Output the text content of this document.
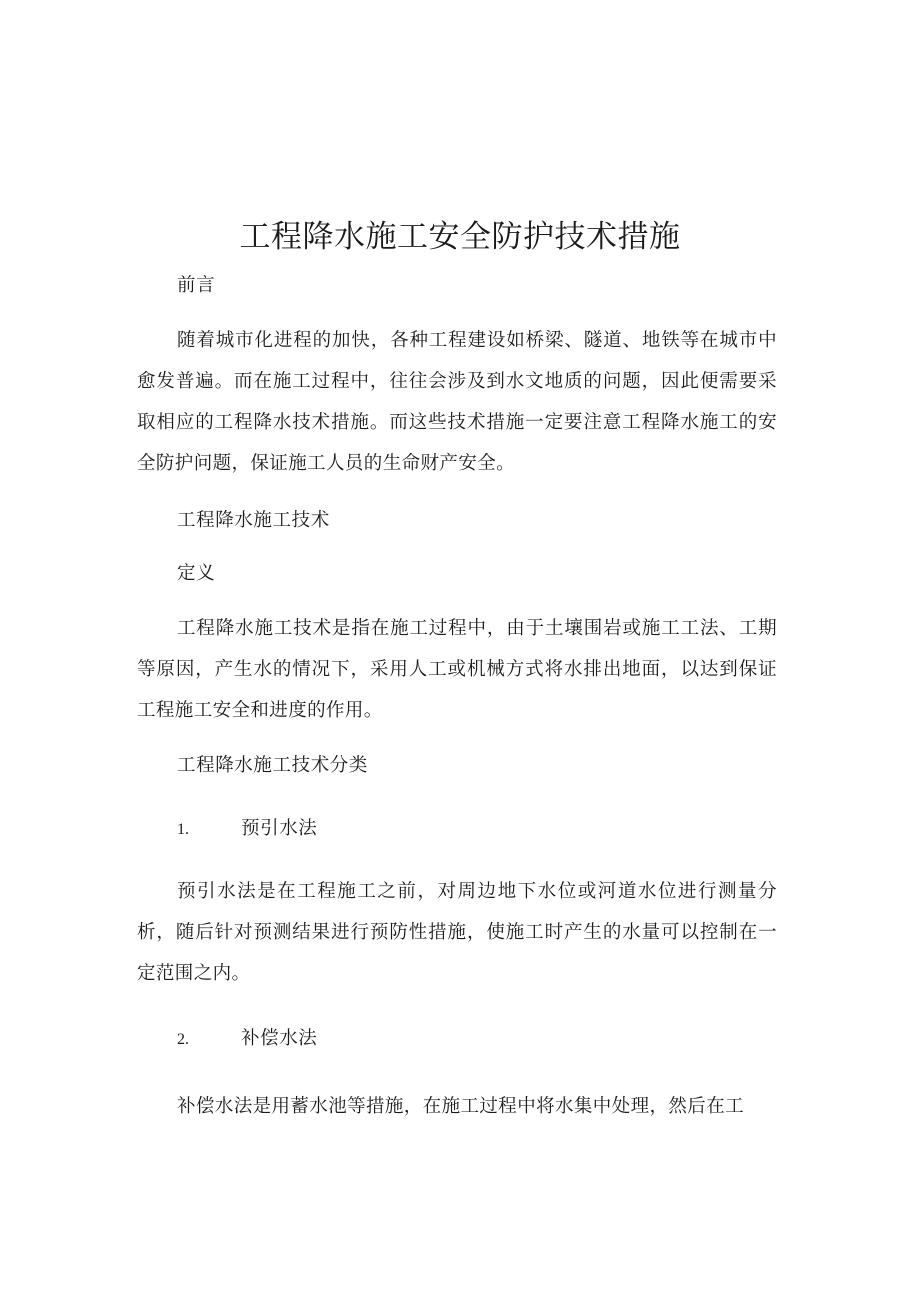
工程降水施工安全防护技术措施

前言

随着城市化进程的加快，各种工程建设如桥梁、隧道、地铁等在城市中愈发普遍。而在施工过程中，往往会涉及到水文地质的问题，因此便需要采取相应的工程降水技术措施。而这些技术措施一定要注意工程降水施工的安全防护问题，保证施工人员的生命财产安全。

工程降水施工技术

定义

工程降水施工技术是指在施工过程中，由于土壤围岩或施工工法、工期等原因，产生水的情况下，采用人工或机械方式将水排出地面，以达到保证工程施工安全和进度的作用。

工程降水施工技术分类

1.	预引水法

预引水法是在工程施工之前，对周边地下水位或河道水位进行测量分析，随后针对预测结果进行预防性措施，使施工时产生的水量可以控制在一定范围之内。

2.	补偿水法

补偿水法是用蓄水池等措施，在施工过程中将水集中处理，然后在工
